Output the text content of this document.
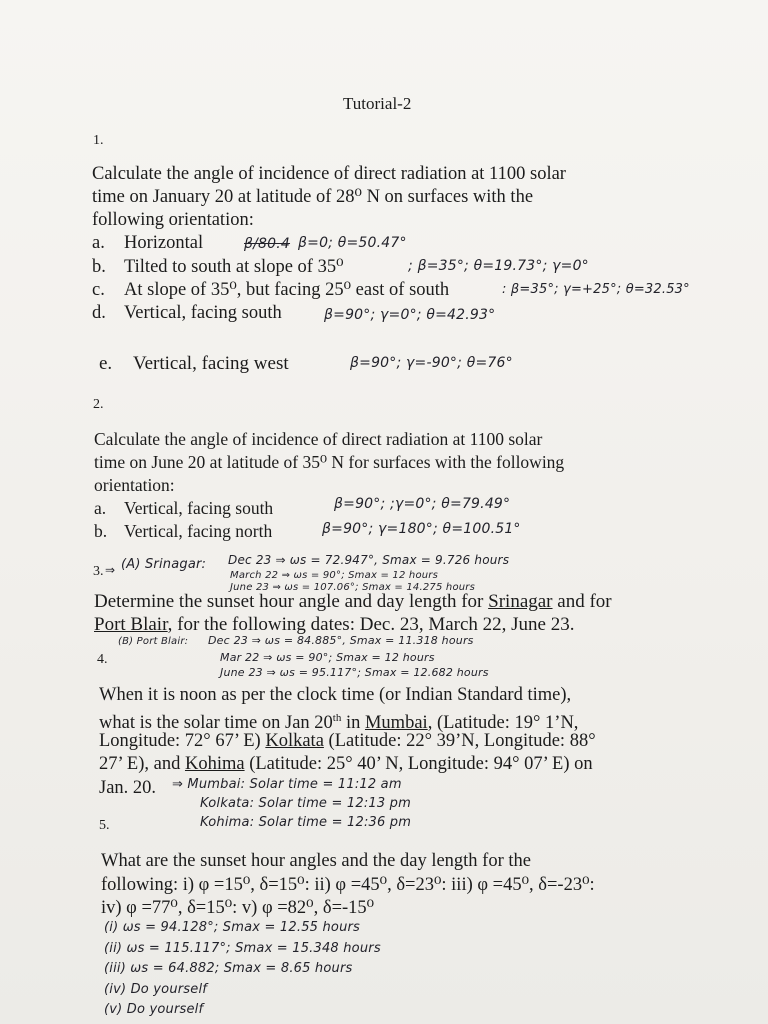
Tutorial-2
1.
Calculate the angle of incidence of direct radiation at 1100 solar
time on January 20 at latitude of 28⁰ N on surfaces with the
following orientation:
a. Horizontal	β/80.4 β=0; θ=50.47°
b. Tilted to south at slope of 35⁰	; β=35°; θ=19.73°; γ=0°
c. At slope of 35⁰, but facing 25⁰ east of south	: β=35°; γ=+25°; θ=32.53°
d. Vertical, facing south	β=90°; γ=0°; θ=42.93°
e. Vertical, facing west	β=90°; γ=-90°; θ=76°
2.
Calculate the angle of incidence of direct radiation at 1100 solar
time on June 20 at latitude of 35⁰ N for surfaces with the following
orientation:
a. Vertical, facing south	β=90°; ;γ=0°; θ=79.49°
b. Vertical, facing north	β=90°; γ=180°; θ=100.51°
3. ⇒ (A) Srinagar: Dec 23 ⇒ ωs = 72.947°, Smax = 9.726 hours
March 22 ⇒ ωs = 90°; Smax = 12 hours
June 23 ⇒ ωs = 107.06°; Smax = 14.275 hours
Determine the sunset hour angle and day length for Srinagar and for
Port Blair, for the following dates: Dec. 23, March 22, June 23.
(B) Port Blair: Dec 23 ⇒ ωs = 84.885°, Smax = 11.318 hours
Mar 22 ⇒ ωs = 90°; Smax = 12 hours
June 23 ⇒ ωs = 95.117°; Smax = 12.682 hours
4.
When it is noon as per the clock time (or Indian Standard time),
what is the solar time on Jan 20th in Mumbai, (Latitude: 19° 1’N,
Longitude: 72° 67’ E) Kolkata (Latitude: 22° 39’N, Longitude: 88°
27’ E), and Kohima (Latitude: 25° 40’ N, Longitude: 94° 07’ E) on
Jan. 20. ⇒ Mumbai: Solar time = 11:12 am
Kolkata: Solar time = 12:13 pm
Kohima: Solar time = 12:36 pm
5.
What are the sunset hour angles and the day length for the
following: i) φ =15⁰, δ=15⁰: ii) φ =45⁰, δ=23⁰: iii) φ =45⁰, δ=-23⁰:
iv) φ =77⁰, δ=15⁰: v) φ =82⁰, δ=-15⁰
(i) ωs = 94.128°; Smax = 12.55 hours
(ii) ωs = 115.117°; Smax = 15.348 hours
(iii) ωs = 64.882; Smax = 8.65 hours
(iv) Do yourself
(v) Do yourself
